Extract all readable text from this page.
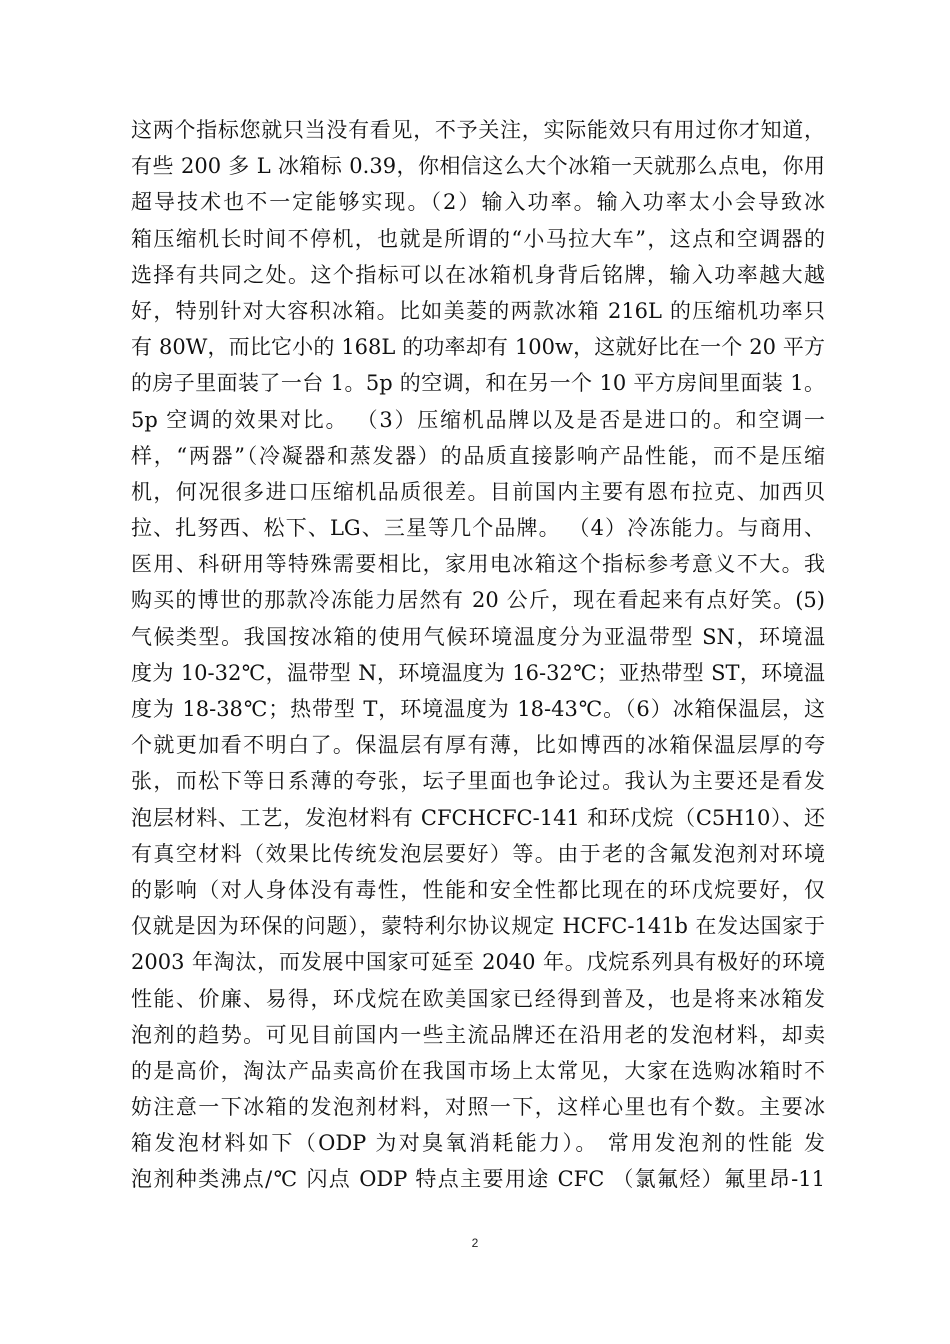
这两个指标您就只当没有看见，不予关注，实际能效只有用过你才知道，
有些 200 多 L 冰箱标 0.39，你相信这么大个冰箱一天就那么点电，你用
超导技术也不一定能够实现。（2）输入功率。输入功率太小会导致冰
箱压缩机长时间不停机，也就是所谓的“小马拉大车”，这点和空调器的
选择有共同之处。这个指标可以在冰箱机身背后铭牌，输入功率越大越
好，特别针对大容积冰箱。比如美菱的两款冰箱 216L 的压缩机功率只
有 80W，而比它小的 168L 的功率却有 100w，这就好比在一个 20 平方
的房子里面装了一台 1。5p 的空调，和在另一个 10 平方房间里面装 1。
5p 空调的效果对比。 （3）压缩机品牌以及是否是进口的。和空调一
样，“两器”（冷凝器和蒸发器）的品质直接影响产品性能，而不是压缩
机，何况很多进口压缩机品质很差。目前国内主要有恩布拉克、加西贝
拉、扎努西、松下、LG、三星等几个品牌。 （4）冷冻能力。与商用、
医用、科研用等特殊需要相比，家用电冰箱这个指标参考意义不大。我
购买的博世的那款冷冻能力居然有 20 公斤，现在看起来有点好笑。(5)
气候类型。我国按冰箱的使用气候环境温度分为亚温带型 SN，环境温
度为 10-32℃，温带型 N，环境温度为 16-32℃；亚热带型 ST，环境温
度为 18-38℃；热带型 T，环境温度为 18-43℃。（6）冰箱保温层，这
个就更加看不明白了。保温层有厚有薄，比如博西的冰箱保温层厚的夸
张，而松下等日系薄的夸张，坛子里面也争论过。我认为主要还是看发
泡层材料、工艺，发泡材料有 CFCHCFC-141 和环戊烷（C5H10）、还
有真空材料（效果比传统发泡层要好）等。由于老的含氟发泡剂对环境
的影响（对人身体没有毒性，性能和安全性都比现在的环戊烷要好，仅
仅就是因为环保的问题），蒙特利尔协议规定 HCFC-141b 在发达国家于
2003 年淘汰，而发展中国家可延至 2040 年。戊烷系列具有极好的环境
性能、价廉、易得，环戊烷在欧美国家已经得到普及，也是将来冰箱发
泡剂的趋势。可见目前国内一些主流品牌还在沿用老的发泡材料，却卖
的是高价，淘汰产品卖高价在我国市场上太常见，大家在选购冰箱时不
妨注意一下冰箱的发泡剂材料，对照一下，这样心里也有个数。主要冰
箱发泡材料如下（ODP 为对臭氧消耗能力）。 常用发泡剂的性能 发
泡剂种类沸点/℃ 闪点 ODP 特点主要用途 CFC （氯氟烃）氟里昂-11
2
